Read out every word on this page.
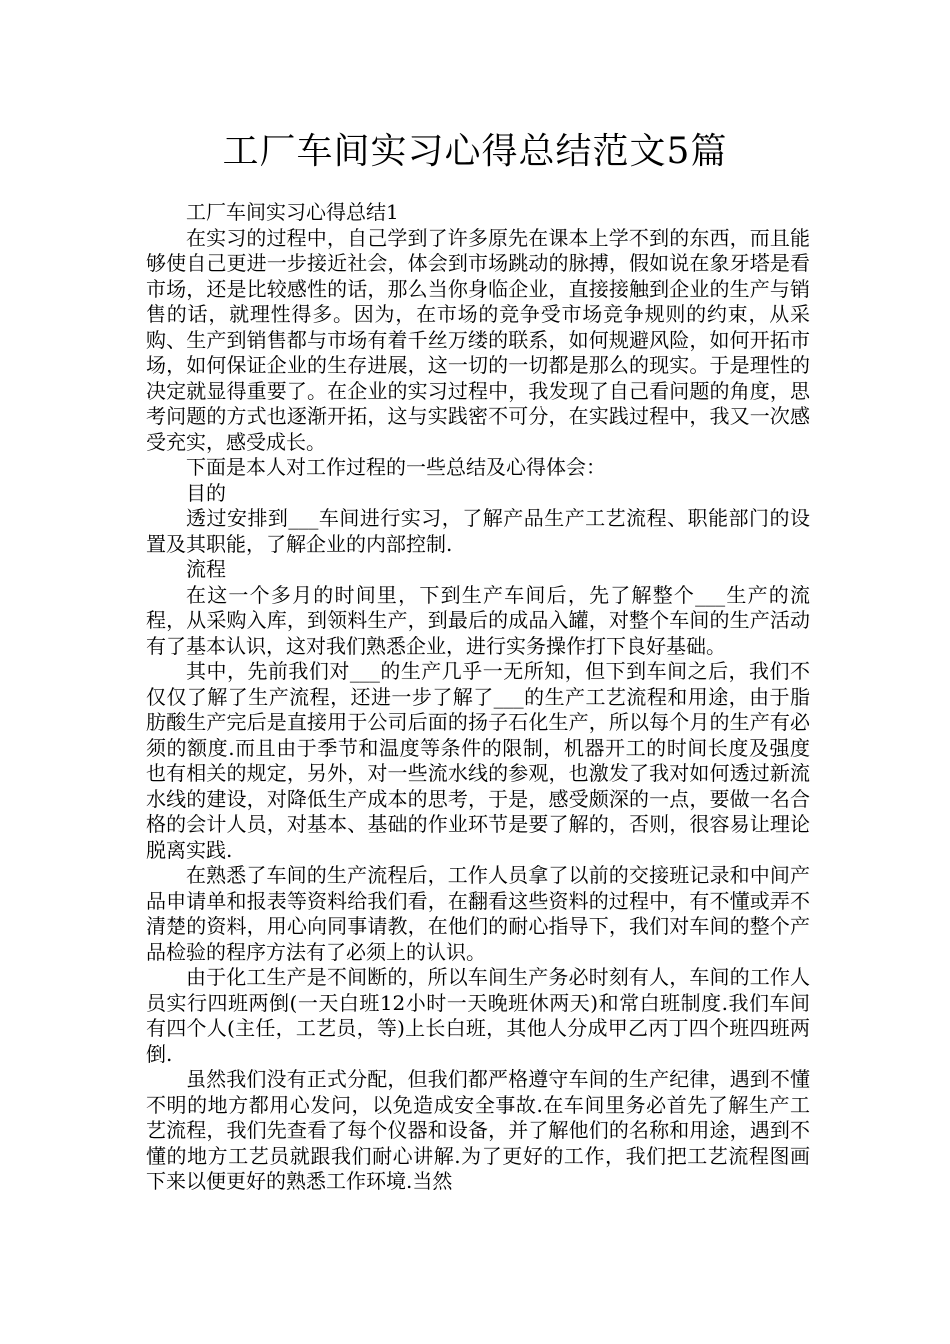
工厂车间实习心得总结范文5篇

工厂车间实习心得总结1

在实习的过程中，自己学到了许多原先在课本上学不到的东西，而且能够使自己更进一步接近社会，体会到市场跳动的脉搏，假如说在象牙塔是看市场，还是比较感性的话，那么当你身临企业，直接接触到企业的生产与销售的话，就理性得多。因为，在市场的竞争受市场竞争规则的约束，从采购、生产到销售都与市场有着千丝万缕的联系，如何规避风险，如何开拓市场，如何保证企业的生存进展，这一切的一切都是那么的现实。于是理性的决定就显得重要了。在企业的实习过程中，我发现了自己看问题的角度，思考问题的方式也逐渐开拓，这与实践密不可分，在实践过程中，我又一次感受充实，感受成长。

下面是本人对工作过程的一些总结及心得体会：

目的

透过安排到___车间进行实习，了解产品生产工艺流程、职能部门的设置及其职能，了解企业的内部控制.

流程

在这一个多月的时间里，下到生产车间后，先了解整个___生产的流程，从采购入库，到领料生产，到最后的成品入罐，对整个车间的生产活动有了基本认识，这对我们熟悉企业，进行实务操作打下良好基础。

其中，先前我们对___的生产几乎一无所知，但下到车间之后，我们不仅仅了解了生产流程，还进一步了解了___的生产工艺流程和用途，由于脂肪酸生产完后是直接用于公司后面的扬子石化生产，所以每个月的生产有必须的额度.而且由于季节和温度等条件的限制，机器开工的时间长度及强度也有相关的规定，另外，对一些流水线的参观，也激发了我对如何透过新流水线的建设，对降低生产成本的思考，于是，感受颇深的一点，要做一名合格的会计人员，对基本、基础的作业环节是要了解的，否则，很容易让理论脱离实践.

在熟悉了车间的生产流程后，工作人员拿了以前的交接班记录和中间产品申请单和报表等资料给我们看，在翻看这些资料的过程中，有不懂或弄不清楚的资料，用心向同事请教，在他们的耐心指导下，我们对车间的整个产品检验的程序方法有了必须上的认识。

由于化工生产是不间断的，所以车间生产务必时刻有人，车间的工作人员实行四班两倒(一天白班12小时一天晚班休两天)和常白班制度.我们车间有四个人(主任，工艺员，等)上长白班，其他人分成甲乙丙丁四个班四班两倒.

虽然我们没有正式分配，但我们都严格遵守车间的生产纪律，遇到不懂不明的地方都用心发问，以免造成安全事故.在车间里务必首先了解生产工艺流程，我们先查看了每个仪器和设备，并了解他们的名称和用途，遇到不懂的地方工艺员就跟我们耐心讲解.为了更好的工作，我们把工艺流程图画下来以便更好的熟悉工作环境.当然
